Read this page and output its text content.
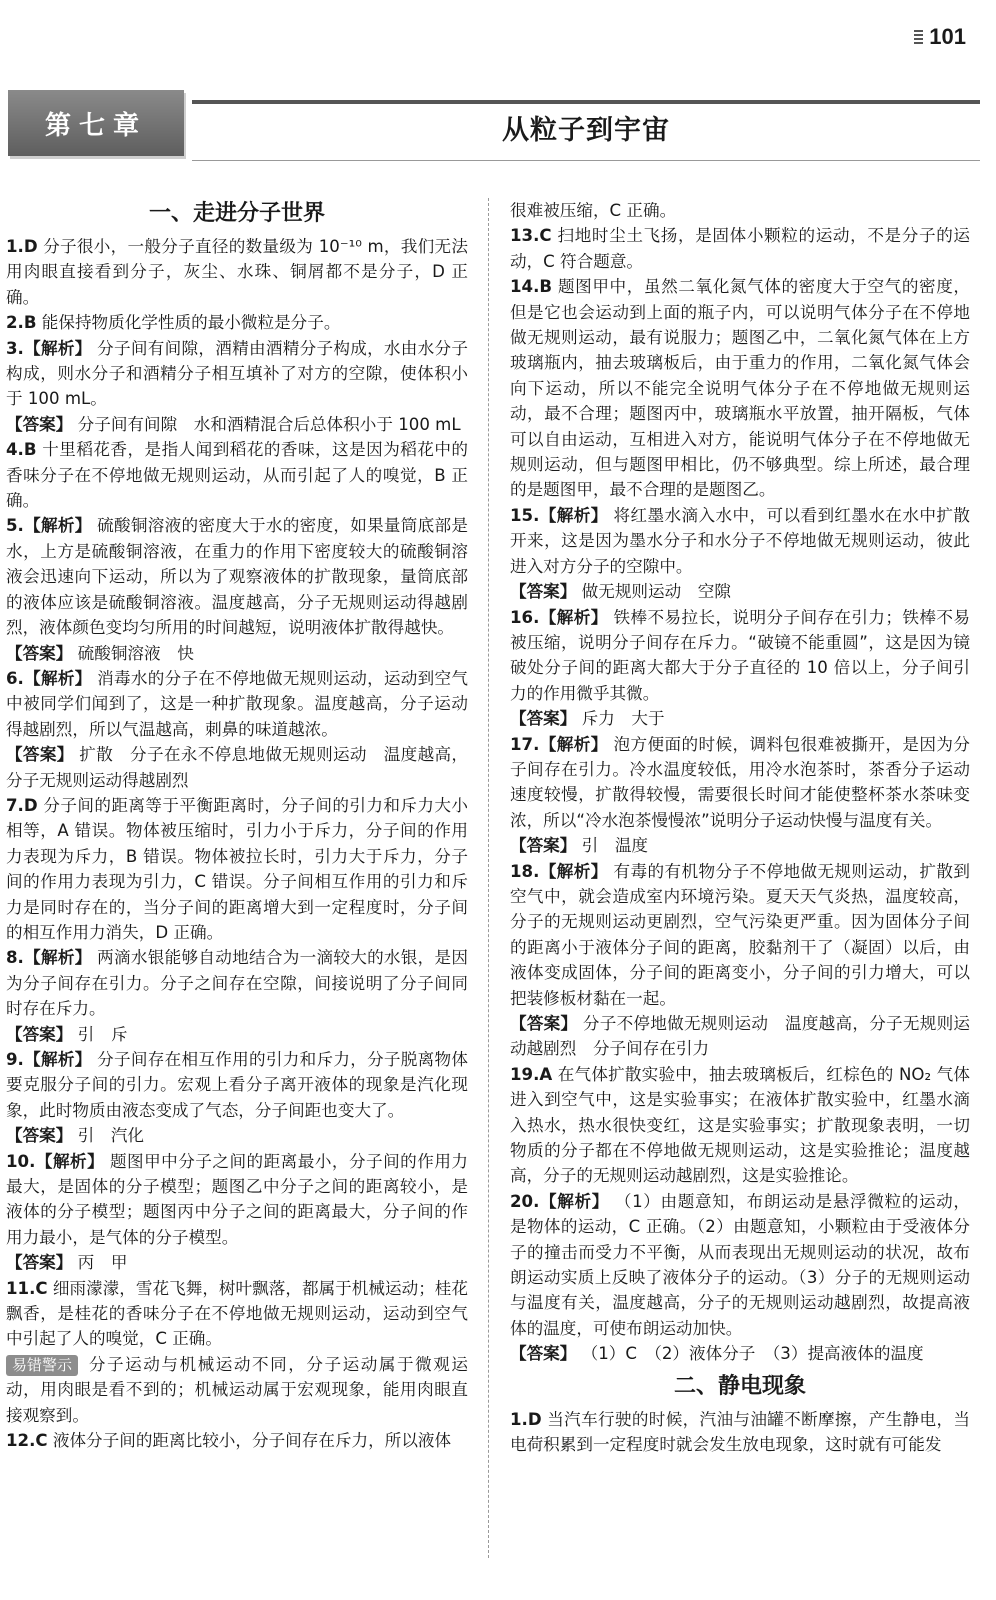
101
第七章	从粒子到宇宙
一、走进分子世界

1.D 分子很小，一般分子直径的数量级为 10⁻¹⁰ m，我们无法用肉眼直接看到分子，灰尘、水珠、铜屑都不是分子，D 正确。

2.B 能保持物质化学性质的最小微粒是分子。

3.【解析】 分子间有间隙，酒精由酒精分子构成，水由水分子构成，则水分子和酒精分子相互填补了对方的空隙，使体积小于 100 mL。

【答案】 分子间有间隙　水和酒精混合后总体积小于 100 mL

4.B 十里稻花香，是指人闻到稻花的香味，这是因为稻花中的香味分子在不停地做无规则运动，从而引起了人的嗅觉，B 正确。

5.【解析】 硫酸铜溶液的密度大于水的密度，如果量筒底部是水，上方是硫酸铜溶液，在重力的作用下密度较大的硫酸铜溶液会迅速向下运动，所以为了观察液体的扩散现象，量筒底部的液体应该是硫酸铜溶液。温度越高，分子无规则运动得越剧烈，液体颜色变均匀所用的时间越短，说明液体扩散得越快。

【答案】 硫酸铜溶液　快

6.【解析】 消毒水的分子在不停地做无规则运动，运动到空气中被同学们闻到了，这是一种扩散现象。温度越高，分子运动得越剧烈，所以气温越高，刺鼻的味道越浓。

【答案】 扩散　分子在永不停息地做无规则运动　温度越高，分子无规则运动得越剧烈

7.D 分子间的距离等于平衡距离时，分子间的引力和斥力大小相等，A 错误。物体被压缩时，引力小于斥力，分子间的作用力表现为斥力，B 错误。物体被拉长时，引力大于斥力，分子间的作用力表现为引力，C 错误。分子间相互作用的引力和斥力是同时存在的，当分子间的距离增大到一定程度时，分子间的相互作用力消失，D 正确。

8.【解析】 两滴水银能够自动地结合为一滴较大的水银，是因为分子间存在引力。分子之间存在空隙，间接说明了分子间同时存在斥力。

【答案】 引　斥

9.【解析】 分子间存在相互作用的引力和斥力，分子脱离物体要克服分子间的引力。宏观上看分子离开液体的现象是汽化现象，此时物质由液态变成了气态，分子间距也变大了。

【答案】 引　汽化

10.【解析】 题图甲中分子之间的距离最小，分子间的作用力最大，是固体的分子模型；题图乙中分子之间的距离较小，是液体的分子模型；题图丙中分子之间的距离最大，分子间的作用力最小，是气体的分子模型。

【答案】 丙　甲

11.C 细雨濛濛，雪花飞舞，树叶飘落，都属于机械运动；桂花飘香，是桂花的香味分子在不停地做无规则运动，运动到空气中引起了人的嗅觉，C 正确。

易错警示 分子运动与机械运动不同，分子运动属于微观运动，用肉眼是看不到的；机械运动属于宏观现象，能用肉眼直接观察到。

12.C 液体分子间的距离比较小，分子间存在斥力，所以液体

很难被压缩，C 正确。

13.C 扫地时尘土飞扬，是固体小颗粒的运动，不是分子的运动，C 符合题意。

14.B 题图甲中，虽然二氧化氮气体的密度大于空气的密度，但是它也会运动到上面的瓶子内，可以说明气体分子在不停地做无规则运动，最有说服力；题图乙中，二氧化氮气体在上方玻璃瓶内，抽去玻璃板后，由于重力的作用，二氧化氮气体会向下运动，所以不能完全说明气体分子在不停地做无规则运动，最不合理；题图丙中，玻璃瓶水平放置，抽开隔板，气体可以自由运动，互相进入对方，能说明气体分子在不停地做无规则运动，但与题图甲相比，仍不够典型。综上所述，最合理的是题图甲，最不合理的是题图乙。

15.【解析】 将红墨水滴入水中，可以看到红墨水在水中扩散开来，这是因为墨水分子和水分子不停地做无规则运动，彼此进入对方分子的空隙中。

【答案】 做无规则运动　空隙

16.【解析】 铁棒不易拉长，说明分子间存在引力；铁棒不易被压缩，说明分子间存在斥力。“破镜不能重圆”，这是因为镜破处分子间的距离大都大于分子直径的 10 倍以上，分子间引力的作用微乎其微。

【答案】 斥力　大于

17.【解析】 泡方便面的时候，调料包很难被撕开，是因为分子间存在引力。冷水温度较低，用冷水泡茶时，茶香分子运动速度较慢，扩散得较慢，需要很长时间才能使整杯茶水茶味变浓，所以“冷水泡茶慢慢浓”说明分子运动快慢与温度有关。

【答案】 引　温度

18.【解析】 有毒的有机物分子不停地做无规则运动，扩散到空气中，就会造成室内环境污染。夏天天气炎热，温度较高，分子的无规则运动更剧烈，空气污染更严重。因为固体分子间的距离小于液体分子间的距离，胶黏剂干了（凝固）以后，由液体变成固体，分子间的距离变小，分子间的引力增大，可以把装修板材黏在一起。

【答案】 分子不停地做无规则运动　温度越高，分子无规则运动越剧烈　分子间存在引力

19.A 在气体扩散实验中，抽去玻璃板后，红棕色的 NO₂ 气体进入到空气中，这是实验事实；在液体扩散实验中，红墨水滴入热水，热水很快变红，这是实验事实；扩散现象表明，一切物质的分子都在不停地做无规则运动，这是实验推论；温度越高，分子的无规则运动越剧烈，这是实验推论。

20.【解析】 （1）由题意知，布朗运动是悬浮微粒的运动，是物体的运动，C 正确。（2）由题意知，小颗粒由于受液体分子的撞击而受力不平衡，从而表现出无规则运动的状况，故布朗运动实质上反映了液体分子的运动。（3）分子的无规则运动与温度有关，温度越高，分子的无规则运动越剧烈，故提高液体的温度，可使布朗运动加快。

【答案】 （1）C　（2）液体分子　（3）提高液体的温度

二、静电现象

1.D 当汽车行驶的时候，汽油与油罐不断摩擦，产生静电，当电荷积累到一定程度时就会发生放电现象，这时就有可能发
